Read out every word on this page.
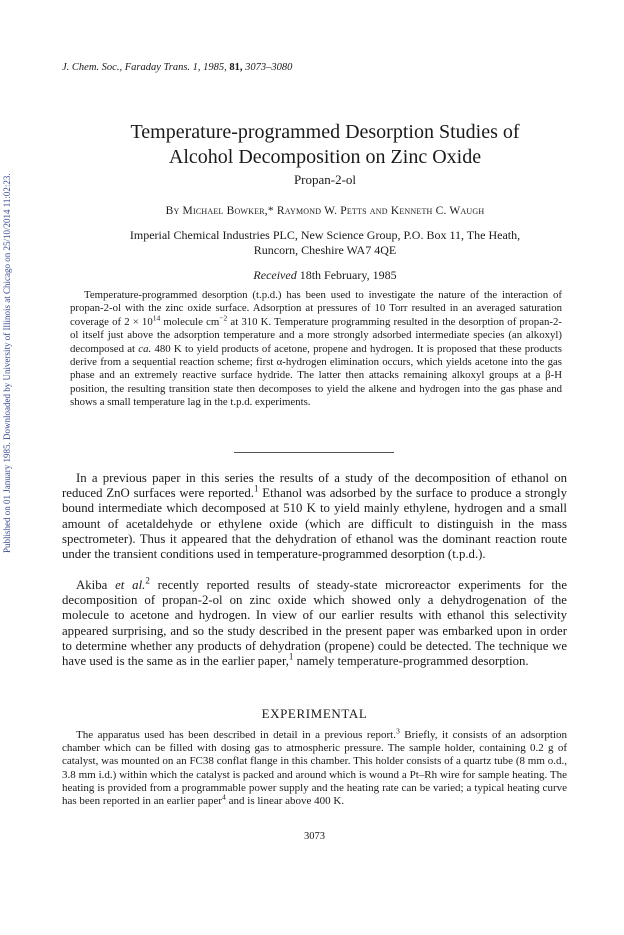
J. Chem. Soc., Faraday Trans. 1, 1985, 81, 3073–3080
Published on 01 January 1985. Downloaded by University of Illinois at Chicago on 25/10/2014 11:02:23.
Temperature-programmed Desorption Studies of
Alcohol Decomposition on Zinc Oxide
Propan-2-ol
By Michael Bowker,* Raymond W. Petts and Kenneth C. Waugh
Imperial Chemical Industries PLC, New Science Group, P.O. Box 11, The Heath,
Runcorn, Cheshire WA7 4QE
Received 18th February, 1985
Temperature-programmed desorption (t.p.d.) has been used to investigate the nature of the interaction of propan-2-ol with the zinc oxide surface. Adsorption at pressures of 10 Torr resulted in an averaged saturation coverage of $2 \times 10^{14}$ molecule $cm^{-2}$ at 310 K. Temperature programming resulted in the desorption of propan-2-ol itself just above the adsorption temperature and a more strongly adsorbed intermediate species (an alkoxyl) decomposed at ca. 480 K to yield products of acetone, propene and hydrogen. It is proposed that these products derive from a sequential reaction scheme; first α-hydrogen elimination occurs, which yields acetone into the gas phase and an extremely reactive surface hydride. The latter then attacks remaining alkoxyl groups at a β-H position, the resulting transition state then decomposes to yield the alkene and hydrogen into the gas phase and shows a small temperature lag in the t.p.d. experiments.

In a previous paper in this series the results of a study of the decomposition of ethanol on reduced ZnO surfaces were reported.$^1$ Ethanol was adsorbed by the surface to produce a strongly bound intermediate which decomposed at 510 K to yield mainly ethylene, hydrogen and a small amount of acetaldehyde or ethylene oxide (which are difficult to distinguish in the mass spectrometer). Thus it appeared that the dehydration of ethanol was the dominant reaction route under the transient conditions used in temperature-programmed desorption (t.p.d.).

Akiba et al.$^2$ recently reported results of steady-state microreactor experiments for the decomposition of propan-2-ol on zinc oxide which showed only a dehydrogenation of the molecule to acetone and hydrogen. In view of our earlier results with ethanol this selectivity appeared surprising, and so the study described in the present paper was embarked upon in order to determine whether any products of dehydration (propene) could be detected. The technique we have used is the same as in the earlier paper,$^1$ namely temperature-programmed desorption.

EXPERIMENTAL

The apparatus used has been described in detail in a previous report.$^3$ Briefly, it consists of an adsorption chamber which can be filled with dosing gas to atmospheric pressure. The sample holder, containing 0.2 g of catalyst, was mounted on an FC38 conflat flange in this chamber. This holder consists of a quartz tube (8 mm o.d., 3.8 mm i.d.) within which the catalyst is packed and around which is wound a Pt–Rh wire for sample heating. The heating is provided from a programmable power supply and the heating rate can be varied; a typical heating curve has been reported in an earlier paper$^4$ and is linear above 400 K.

3073
